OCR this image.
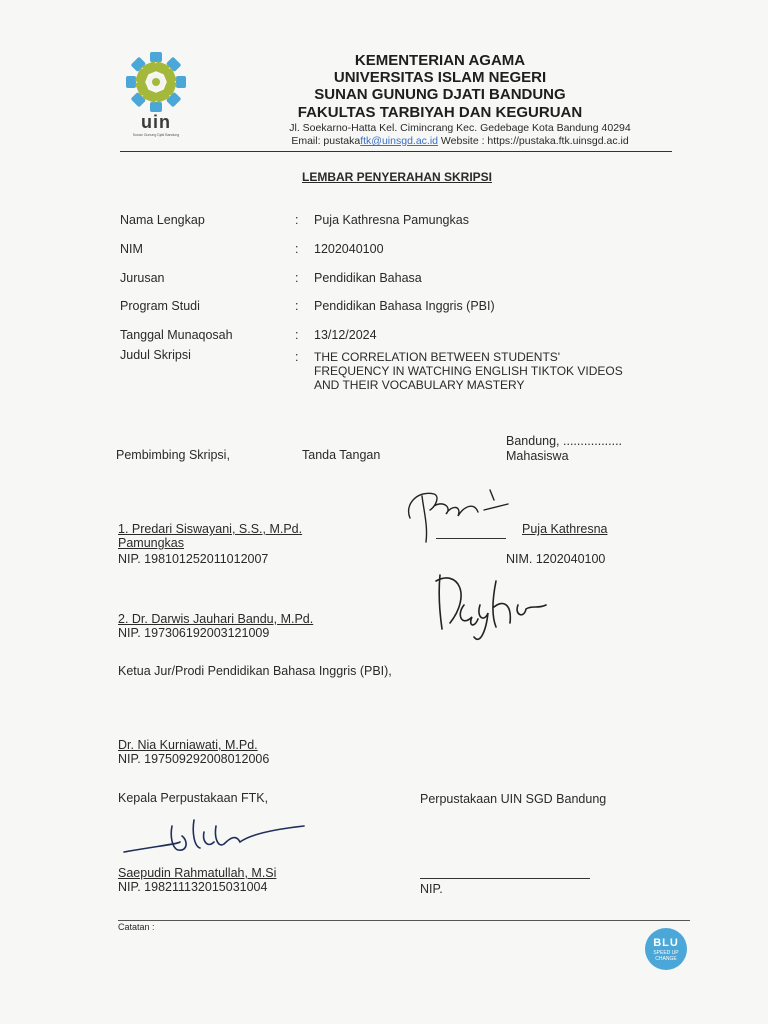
uin
Sunan Gunung Djati Bandung
KEMENTERIAN AGAMA
UNIVERSITAS ISLAM NEGERI
SUNAN GUNUNG DJATI BANDUNG
FAKULTAS TARBIYAH DAN KEGURUAN
Jl. Soekarno-Hatta Kel. Cimincrang Kec. Gedebage Kota Bandung 40294
Email: pustakaftk@uinsgd.ac.id Website : https://pustaka.ftk.uinsgd.ac.id
LEMBAR PENYERAHAN SKRIPSI
Nama Lengkap	: Puja Kathresna Pamungkas
NIM	: 1202040100
Jurusan	: Pendidikan Bahasa
Program Studi	: Pendidikan Bahasa Inggris (PBI)
Tanggal Munaqosah	: 13/12/2024
Judul Skripsi	: THE CORRELATION BETWEEN STUDENTS' FREQUENCY IN WATCHING ENGLISH TIKTOK VIDEOS AND THEIR VOCABULARY MASTERY
Bandung, .................
Pembimbing Skripsi,	Tanda Tangan	Mahasiswa
1. Predari Siswayani, S.S., M.Pd.
Pamungkas
NIP. 198101252011012007
Puja Kathresna
NIM. 1202040100
2. Dr. Darwis Jauhari Bandu, M.Pd.
NIP. 197306192003121009
Ketua Jur/Prodi Pendidikan Bahasa Inggris (PBI),
Dr. Nia Kurniawati, M.Pd.
NIP. 197509292008012006
Kepala Perpustakaan FTK,	Perpustakaan UIN SGD Bandung
Saepudin Rahmatullah, M.Si
NIP. 198211132015031004	NIP.
Catatan :
BLU
SPEED UP CHANGE
